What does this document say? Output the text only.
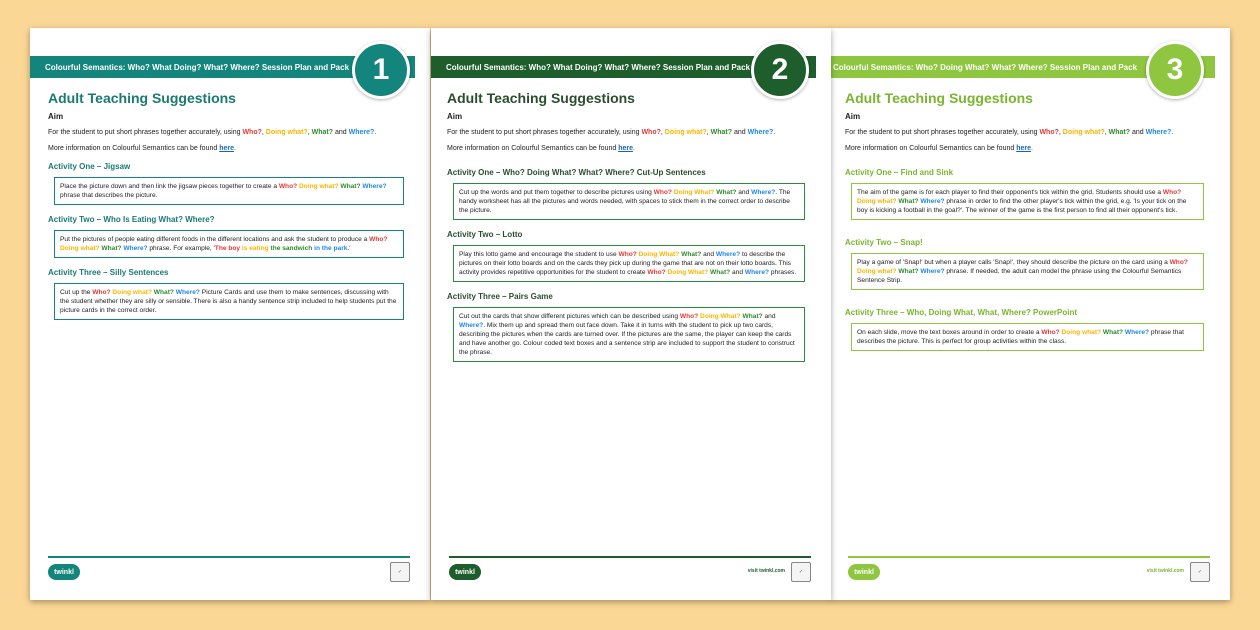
Colourful Semantics: Who? What Doing? What? Where? Session Plan and Pack 1
Adult Teaching Suggestions
Aim
For the student to put short phrases together accurately, using Who?, Doing what?, What? and Where?.
More information on Colourful Semantics can be found here.
Activity One – Jigsaw
Place the picture down and then link the jigsaw pieces together to create a Who? Doing what? What? Where? phrase that describes the picture.
Activity Two – Who Is Eating What? Where?
Put the pictures of people eating different foods in the different locations and ask the student to produce a Who? Doing what? What? Where? phrase. For example, 'The boy is eating the sandwich in the park.'
Activity Three – Silly Sentences
Cut up the Who? Doing what? What? Where? Picture Cards and use them to make sentences, discussing with the student whether they are silly or sensible. There is also a handy sentence strip included to help students put the picture cards in the correct order.
twinkl	✓
Colourful Semantics: Who? What Doing? What? Where? Session Plan and Pack 2
Adult Teaching Suggestions
Aim
For the student to put short phrases together accurately, using Who?, Doing what?, What? and Where?.
More information on Colourful Semantics can be found here.
Activity One – Who? Doing What? What? Where? Cut-Up Sentences
Cut up the words and put them together to describe pictures using Who? Doing What? What? and Where?. The handy worksheet has all the pictures and words needed, with spaces to stick them in the correct order to describe the picture.
Activity Two – Lotto
Play this lotto game and encourage the student to use Who? Doing What? What? and Where? to describe the pictures on their lotto boards and on the cards they pick up during the game that are not on their lotto boards. This activity provides repetitive opportunities for the student to create Who? Doing What? What? and Where? phrases.
Activity Three – Pairs Game
Cut out the cards that show different pictures which can be described using Who? Doing What? What? and Where?. Mix them up and spread them out face down. Take it in turns with the student to pick up two cards, describing the pictures when the cards are turned over. If the pictures are the same, the player can keep the cards and have another go. Colour coded text boxes and a sentence strip are included to support the student to construct the phrase.
twinkl	visit twinkl.com	✓
Colourful Semantics: Who? Doing What? What? Where? Session Plan and Pack 3
Adult Teaching Suggestions
Aim
For the student to put short phrases together accurately, using Who?, Doing what?, What? and Where?.
More information on Colourful Semantics can be found here.
Activity One – Find and Sink
The aim of the game is for each player to find their opponent's tick within the grid. Students should use a Who? Doing what? What? Where? phrase in order to find the other player's tick within the grid, e.g. 'Is your tick on the boy is kicking a football in the goal?'. The winner of the game is the first person to find all their opponent's tick.
Activity Two – Snap!
Play a game of 'Snap!' but when a player calls 'Snap!', they should describe the picture on the card using a Who? Doing what? What? Where? phrase. If needed, the adult can model the phrase using the Colourful Semantics Sentence Strip.
Activity Three – Who, Doing What, What, Where? PowerPoint
On each slide, move the text boxes around in order to create a Who? Doing what? What? Where? phrase that describes the picture. This is perfect for group activities within the class.
twinkl	visit twinkl.com	✓
